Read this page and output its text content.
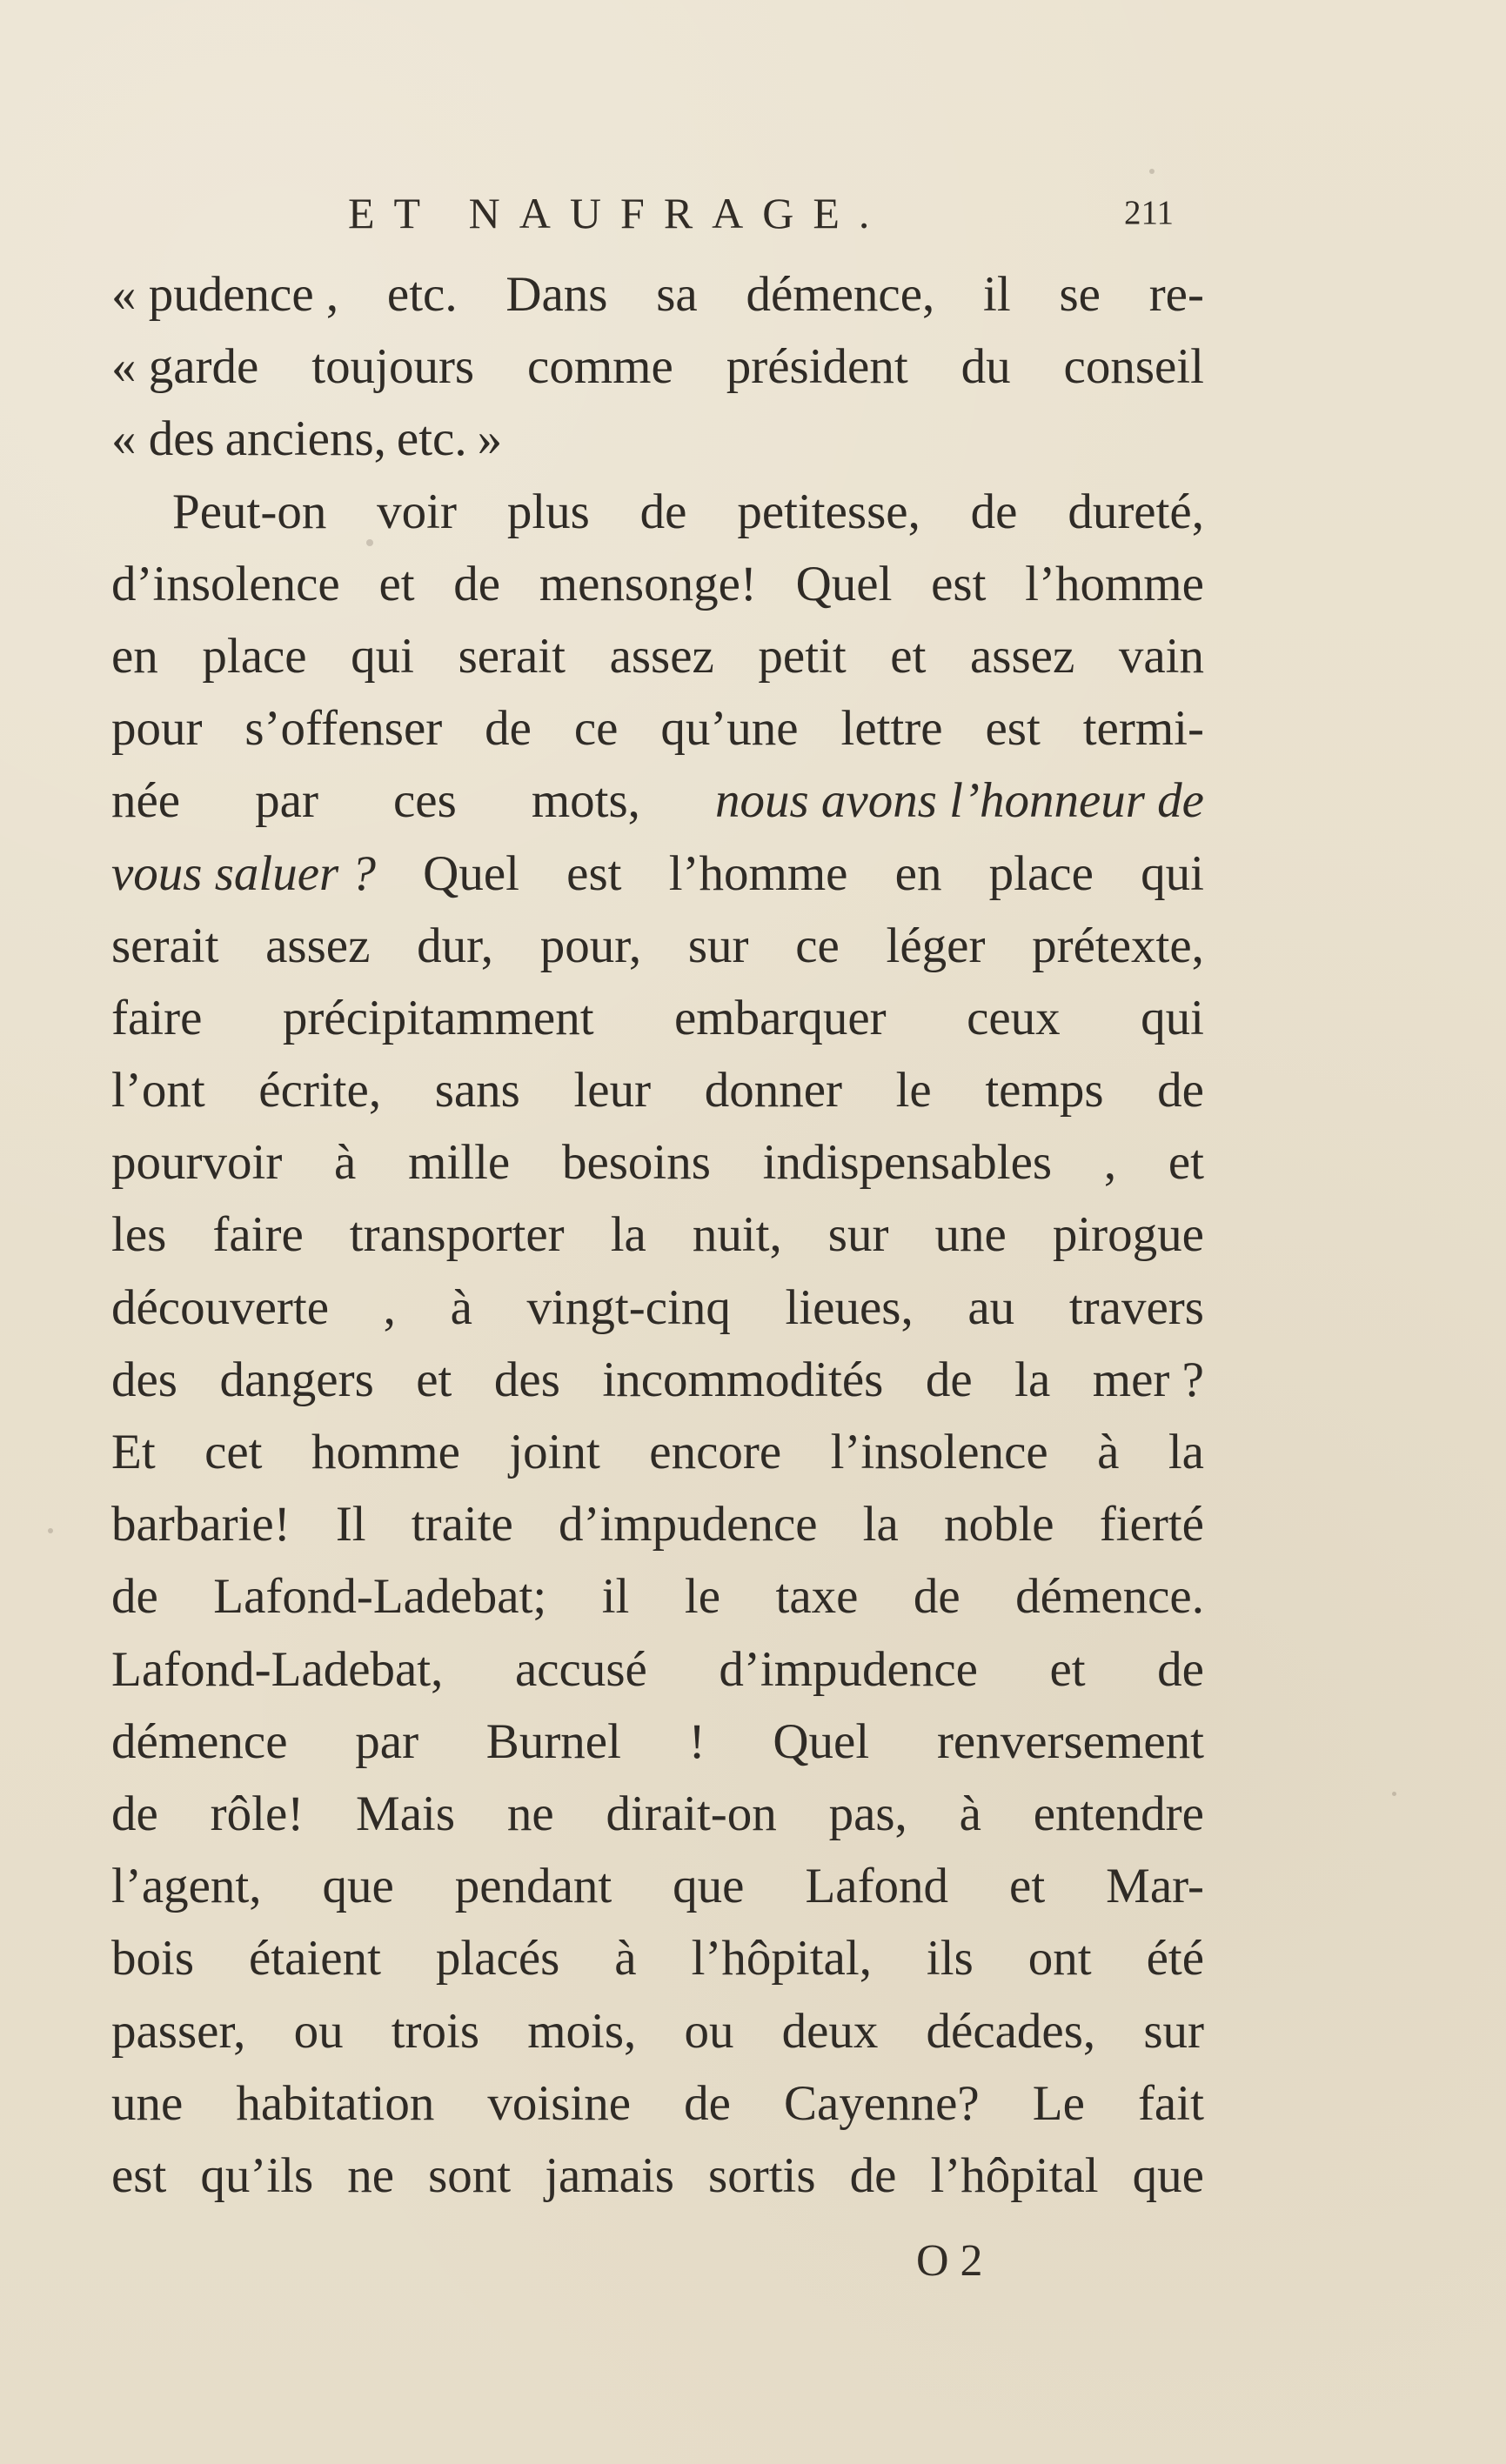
ET NAUFRAGE.	211
« pudence , etc. Dans sa démence, il se re-
« garde toujours comme président du conseil
« des anciens, etc. »
Peut-on voir plus de petitesse, de dureté,
d’insolence et de mensonge! Quel est l’homme
en place qui serait assez petit et assez vain
pour s’offenser de ce qu’une lettre est termi-
née par ces mots, nous avons l’honneur de
vous saluer ? Quel est l’homme en place qui
serait assez dur, pour, sur ce léger prétexte,
faire précipitamment embarquer ceux qui
l’ont écrite, sans leur donner le temps de
pourvoir à mille besoins indispensables , et
les faire transporter la nuit, sur une pirogue
découverte , à vingt-cinq lieues, au travers
des dangers et des incommodités de la mer ?
Et cet homme joint encore l’insolence à la
barbarie! Il traite d’impudence la noble fierté
de Lafond-Ladebat; il le taxe de démence.
Lafond-Ladebat, accusé d’impudence et de
démence par Burnel ! Quel renversement
de rôle! Mais ne dirait-on pas, à entendre
l’agent, que pendant que Lafond et Mar-
bois étaient placés à l’hôpital, ils ont été
passer, ou trois mois, ou deux décades, sur
une habitation voisine de Cayenne? Le fait
est qu’ils ne sont jamais sortis de l’hôpital que
O 2
